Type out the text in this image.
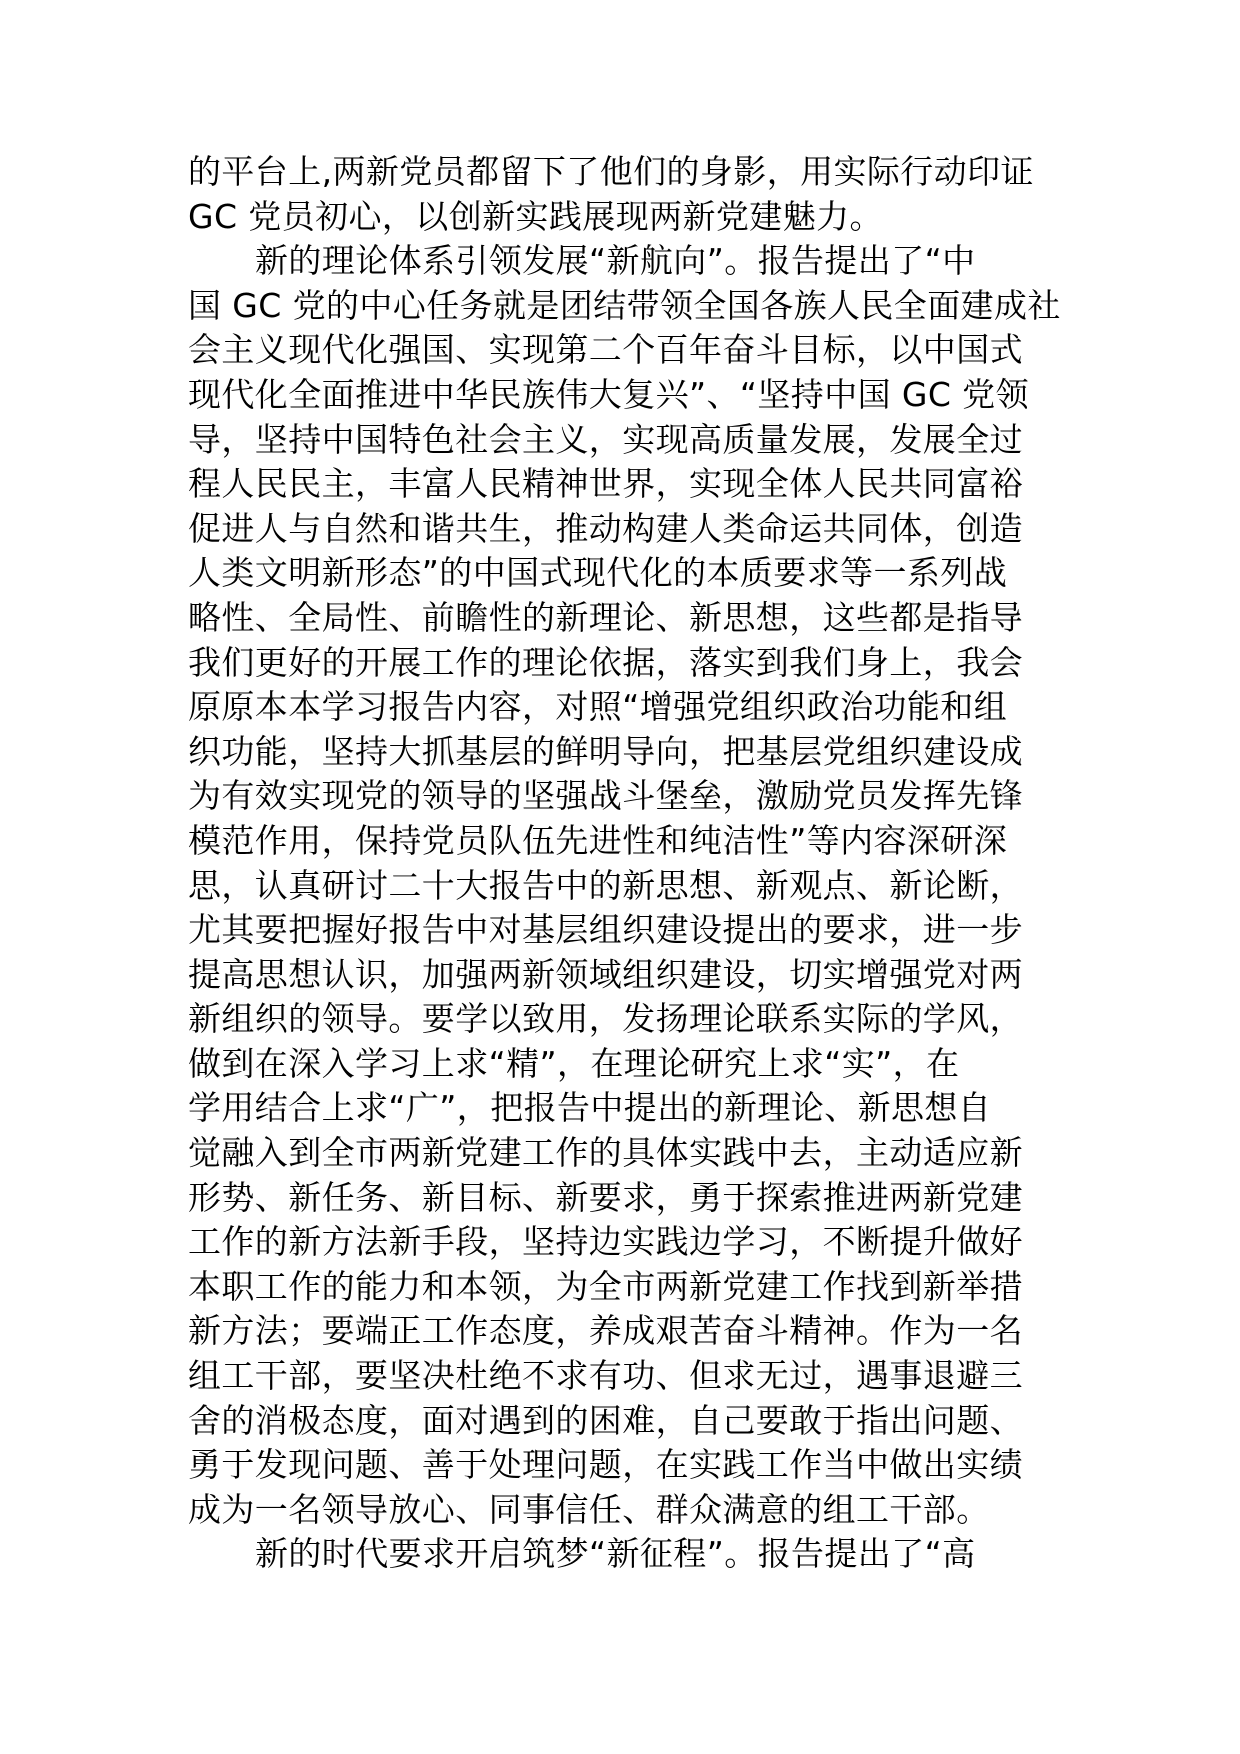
的平台上,两新党员都留下了他们的身影，用实际行动印证
GC 党员初心，以创新实践展现两新党建魅力。
新的理论体系引领发展“新航向”。报告提出了“中
国 GC 党的中心任务就是团结带领全国各族人民全面建成社
会主义现代化强国、实现第二个百年奋斗目标，以中国式
现代化全面推进中华民族伟大复兴”、“坚持中国 GC 党领
导，坚持中国特色社会主义，实现高质量发展，发展全过
程人民民主，丰富人民精神世界，实现全体人民共同富裕
促进人与自然和谐共生，推动构建人类命运共同体，创造
人类文明新形态”的中国式现代化的本质要求等一系列战
略性、全局性、前瞻性的新理论、新思想，这些都是指导
我们更好的开展工作的理论依据，落实到我们身上，我会
原原本本学习报告内容，对照“增强党组织政治功能和组
织功能，坚持大抓基层的鲜明导向，把基层党组织建设成
为有效实现党的领导的坚强战斗堡垒，激励党员发挥先锋
模范作用，保持党员队伍先进性和纯洁性”等内容深研深
思，认真研讨二十大报告中的新思想、新观点、新论断，
尤其要把握好报告中对基层组织建设提出的要求，进一步
提高思想认识，加强两新领域组织建设，切实增强党对两
新组织的领导。要学以致用，发扬理论联系实际的学风，
做到在深入学习上求“精”，在理论研究上求“实”，在
学用结合上求“广”，把报告中提出的新理论、新思想自
觉融入到全市两新党建工作的具体实践中去，主动适应新
形势、新任务、新目标、新要求，勇于探索推进两新党建
工作的新方法新手段，坚持边实践边学习，不断提升做好
本职工作的能力和本领，为全市两新党建工作找到新举措
新方法；要端正工作态度，养成艰苦奋斗精神。作为一名
组工干部，要坚决杜绝不求有功、但求无过，遇事退避三
舍的消极态度，面对遇到的困难，自己要敢于指出问题、
勇于发现问题、善于处理问题，在实践工作当中做出实绩
成为一名领导放心、同事信任、群众满意的组工干部。
新的时代要求开启筑梦“新征程”。报告提出了“高
